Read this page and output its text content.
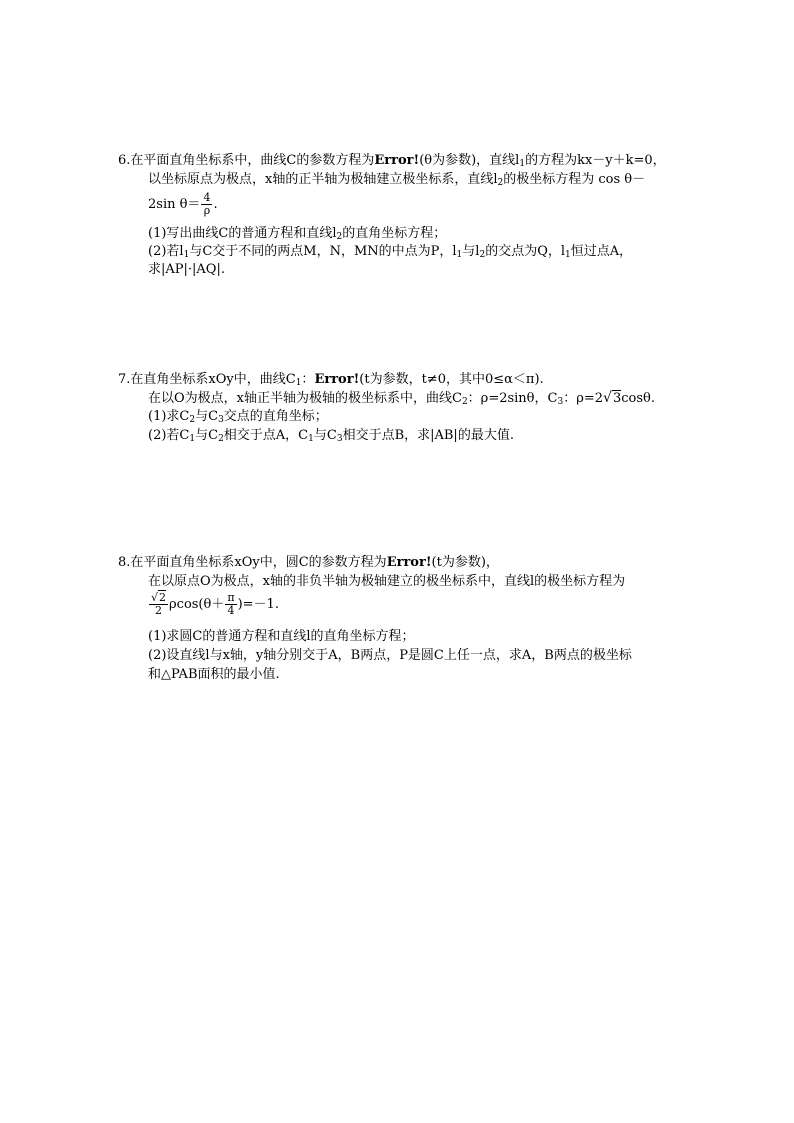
6.在平面直角坐标系中，曲线C的参数方程为Error!(θ为参数)，直线$l_1$的方程为kx－y＋k=0，
以坐标原点为极点，x轴的正半轴为极轴建立极坐标系，直线$l_2$的极坐标方程为 cos θ－
2sin $\theta= \frac{4}{\rho}$ .
(1)写出曲线C的普通方程和直线$l_2$的直角坐标方程；
(2)若$l_1$与C交于不同的两点M，N，MN的中点为P，$l_1$与$l_2$的交点为Q，$l_1$恒过点A，
求|AP|·|AQ|.
7.在直角坐标系xOy中，曲线$C_1$：Error!(t为参数，t≠0，其中0≤α＜π).
在以O为极点，x轴正半轴为极轴的极坐标系中，曲线$C_2$：ρ=2sinθ，$C_3$：ρ=2√3cosθ.
(1)求$C_2$与$C_3$交点的直角坐标；
(2)若$C_1$与$C_2$相交于点A，$C_1$与$C_3$相交于点B，求|AB|的最大值.
8.在平面直角坐标系xOy中，圆C的参数方程为Error!(t为参数)，
在以原点O为极点，x轴的非负半轴为极轴建立的极坐标系中，直线l的极坐标方程为
$\frac{√2}{2} \rho\cos(\theta+ \frac{\pi}{4} )=-1$.
(1)求圆C的普通方程和直线l的直角坐标方程；
(2)设直线l与x轴，y轴分别交于A，B两点，P是圆C上任一点，求A，B两点的极坐标
和△PAB面积的最小值.
